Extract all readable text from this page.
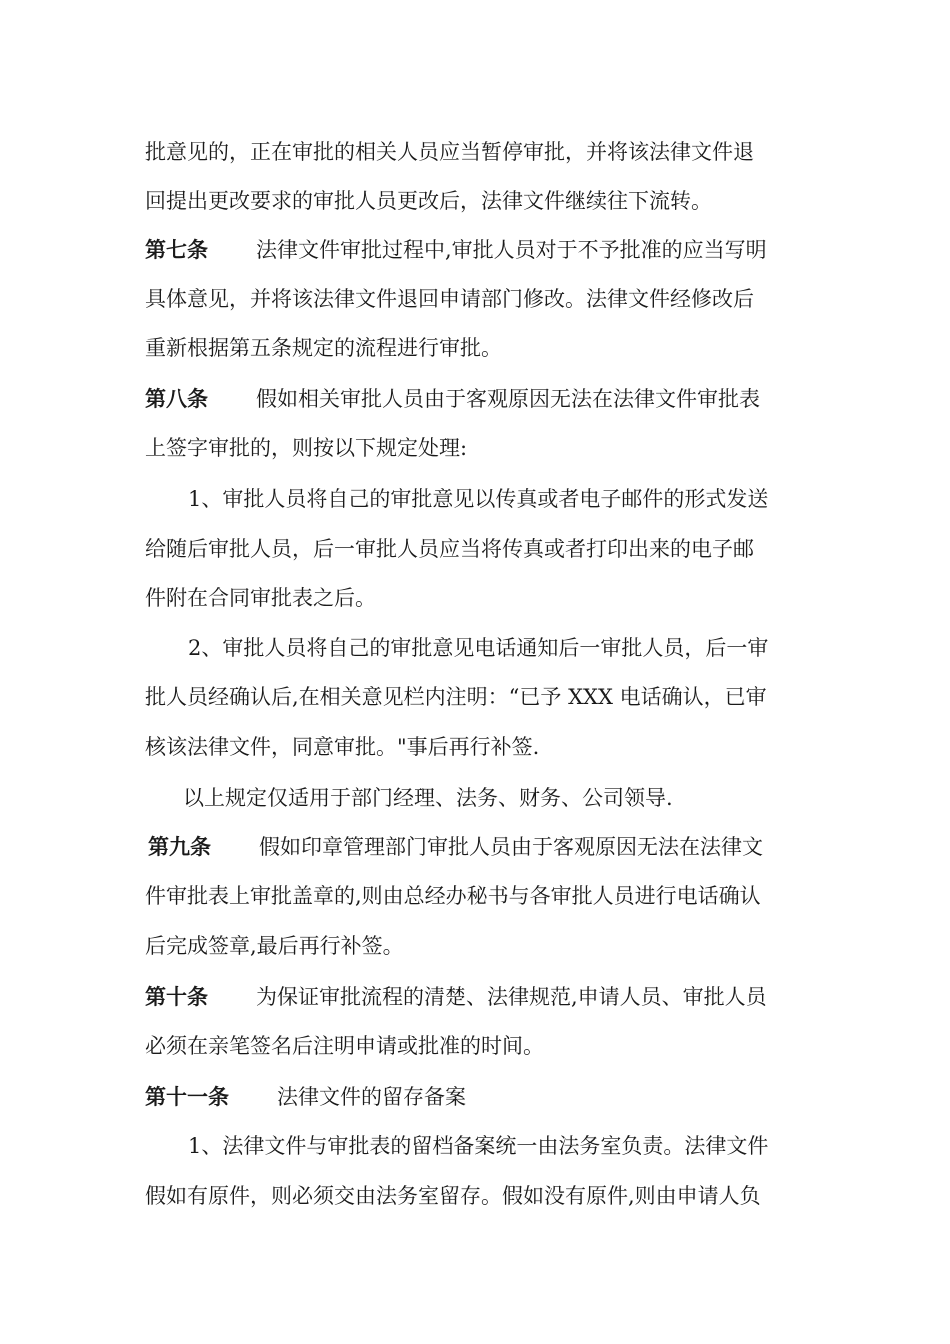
批意见的，正在审批的相关人员应当暂停审批，并将该法律文件退
回提出更改要求的审批人员更改后，法律文件继续往下流转。
第七条 法律文件审批过程中,审批人员对于不予批准的应当写明
具体意见，并将该法律文件退回申请部门修改。法律文件经修改后
重新根据第五条规定的流程进行审批。
第八条 假如相关审批人员由于客观原因无法在法律文件审批表
上签字审批的，则按以下规定处理:
1、审批人员将自己的审批意见以传真或者电子邮件的形式发送
给随后审批人员，后一审批人员应当将传真或者打印出来的电子邮
件附在合同审批表之后。
2、审批人员将自己的审批意见电话通知后一审批人员，后一审
批人员经确认后,在相关意见栏内注明：“已予 XXX 电话确认，已审
核该法律文件，同意审批。"事后再行补签.
以上规定仅适用于部门经理、法务、财务、公司领导.
第九条 假如印章管理部门审批人员由于客观原因无法在法律文
件审批表上审批盖章的,则由总经办秘书与各审批人员进行电话确认
后完成签章,最后再行补签。
第十条 为保证审批流程的清楚、法律规范,申请人员、审批人员
必须在亲笔签名后注明申请或批准的时间。
第十一条 法律文件的留存备案
1、法律文件与审批表的留档备案统一由法务室负责。法律文件
假如有原件，则必须交由法务室留存。假如没有原件,则由申请人负
